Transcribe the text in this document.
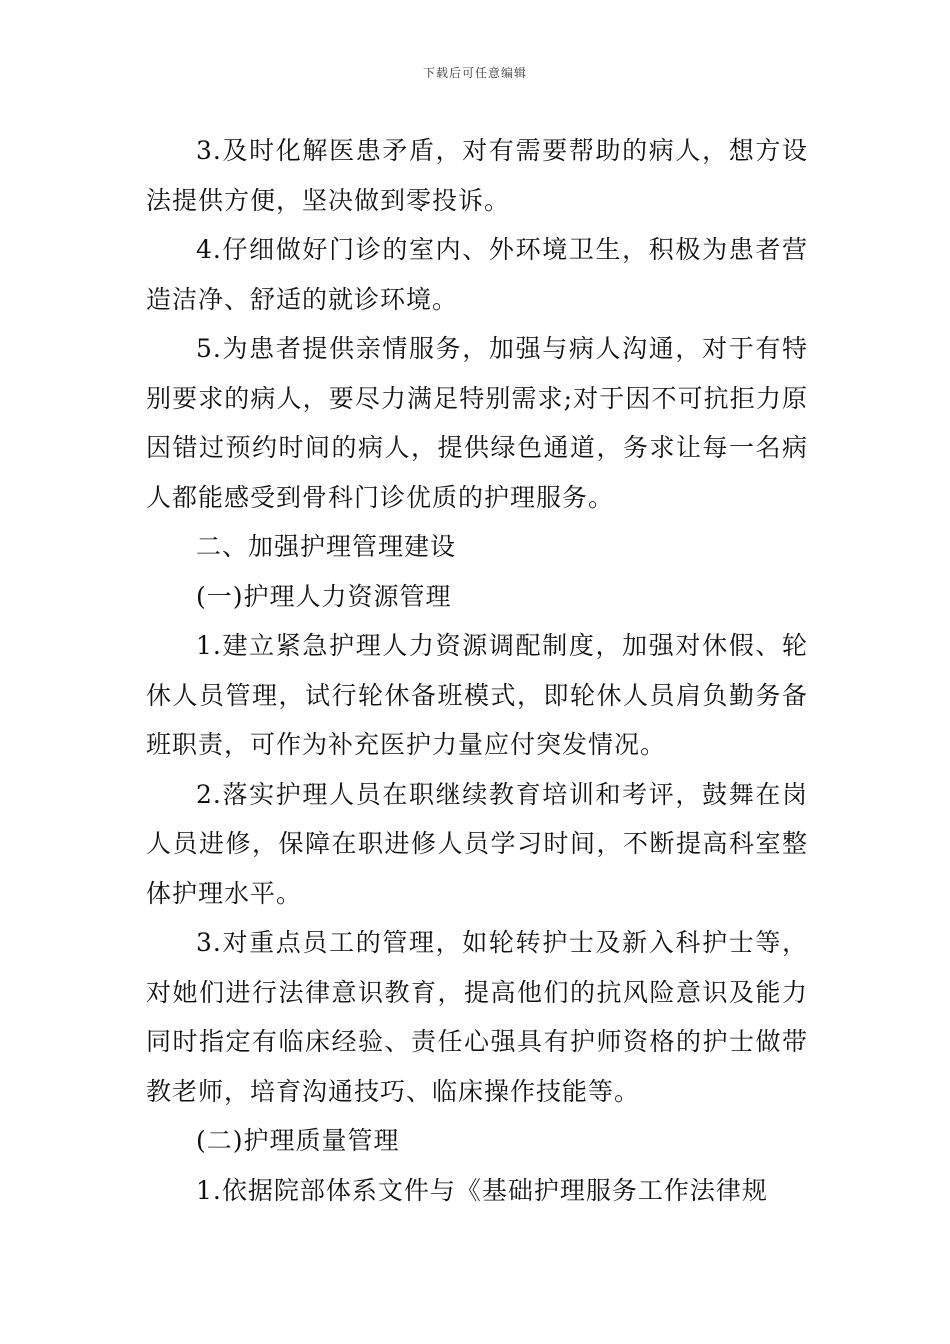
下载后可任意编辑

3.及时化解医患矛盾，对有需要帮助的病人，想方设法提供方便，坚决做到零投诉。

4.仔细做好门诊的室内、外环境卫生，积极为患者营造洁净、舒适的就诊环境。

5.为患者提供亲情服务，加强与病人沟通，对于有特别要求的病人，要尽力满足特别需求;对于因不可抗拒力原因错过预约时间的病人，提供绿色通道，务求让每一名病人都能感受到骨科门诊优质的护理服务。

二、加强护理管理建设

(一)护理人力资源管理

1.建立紧急护理人力资源调配制度，加强对休假、轮休人员管理，试行轮休备班模式，即轮休人员肩负勤务备班职责，可作为补充医护力量应付突发情况。

2.落实护理人员在职继续教育培训和考评，鼓舞在岗人员进修，保障在职进修人员学习时间，不断提高科室整体护理水平。

3.对重点员工的管理，如轮转护士及新入科护士等，对她们进行法律意识教育，提高他们的抗风险意识及能力同时指定有临床经验、责任心强具有护师资格的护士做带教老师，培育沟通技巧、临床操作技能等。

(二)护理质量管理

1.依据院部体系文件与《基础护理服务工作法律规
